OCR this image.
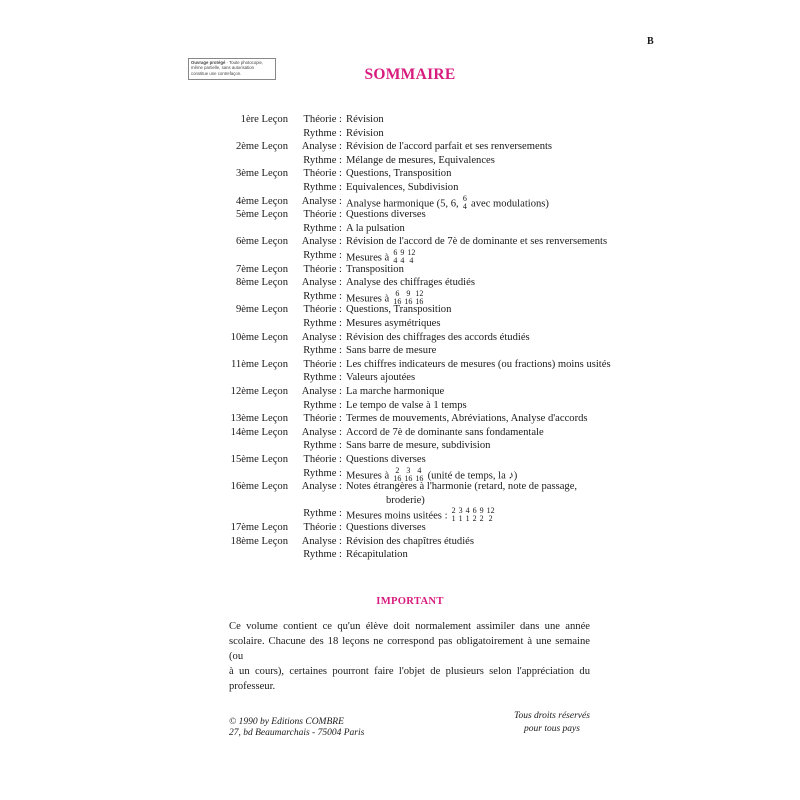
B
Ouvrage protégé · Toute photocopie,
même partielle, sans autorisation
constitue une contrefaçon.	SOMMAIRE
1ère Leçon Théorie : Révision
Rythme : Révision
2ème Leçon Analyse : Révision de l'accord parfait et ses renversements
Rythme : Mélange de mesures, Equivalences
3ème Leçon Théorie : Questions, Transposition
Rythme : Equivalences, Subdivision
4ème Leçon Analyse : Analyse harmonique (5, 6, 6
4 avec modulations)
5ème Leçon Théorie : Questions diverses
Rythme : A la pulsation
6ème Leçon Analyse : Révision de l'accord de 7è de dominante et ses renversements
Rythme : Mesures à 6
4
9
4
12
4
7ème Leçon Théorie : Transposition
8ème Leçon Analyse : Analyse des chiffrages étudiés
Rythme : Mesures à 6
16
9
16
12
16
9ème Leçon Théorie : Questions, Transposition
Rythme : Mesures asymétriques
10ème Leçon Analyse : Révision des chiffrages des accords étudiés
Rythme : Sans barre de mesure
11ème Leçon Théorie : Les chiffres indicateurs de mesures (ou fractions) moins usités
Rythme : Valeurs ajoutées
12ème Leçon Analyse : La marche harmonique
Rythme : Le tempo de valse à 1 temps
13ème Leçon Théorie : Termes de mouvements, Abréviations, Analyse d'accords
14ème Leçon Analyse : Accord de 7è de dominante sans fondamentale
Rythme : Sans barre de mesure, subdivision
15ème Leçon Théorie : Questions diverses
Rythme : Mesures à 2
16
3
16
4
16 (unité de temps, la ♪)
16ème Leçon Analyse : Notes étrangères à l'harmonie (retard, note de passage,
broderie)
Rythme : Mesures moins usitées : 2
1
3
1
4
1
6
2
9
2
12
2
17ème Leçon Théorie : Questions diverses
18ème Leçon Analyse : Révision des chapîtres étudiés
Rythme : Récapitulation
IMPORTANT
Ce volume contient ce qu'un élève doit normalement assimiler dans une année
scolaire. Chacune des 18 leçons ne correspond pas obligatoirement à une semaine (ou
à un cours), certaines pourront faire l'objet de plusieurs selon l'appréciation du
professeur.
© 1990 by Editions COMBRE
27, bd Beaumarchais - 75004 Paris
Tous droits réservés
pour tous pays
